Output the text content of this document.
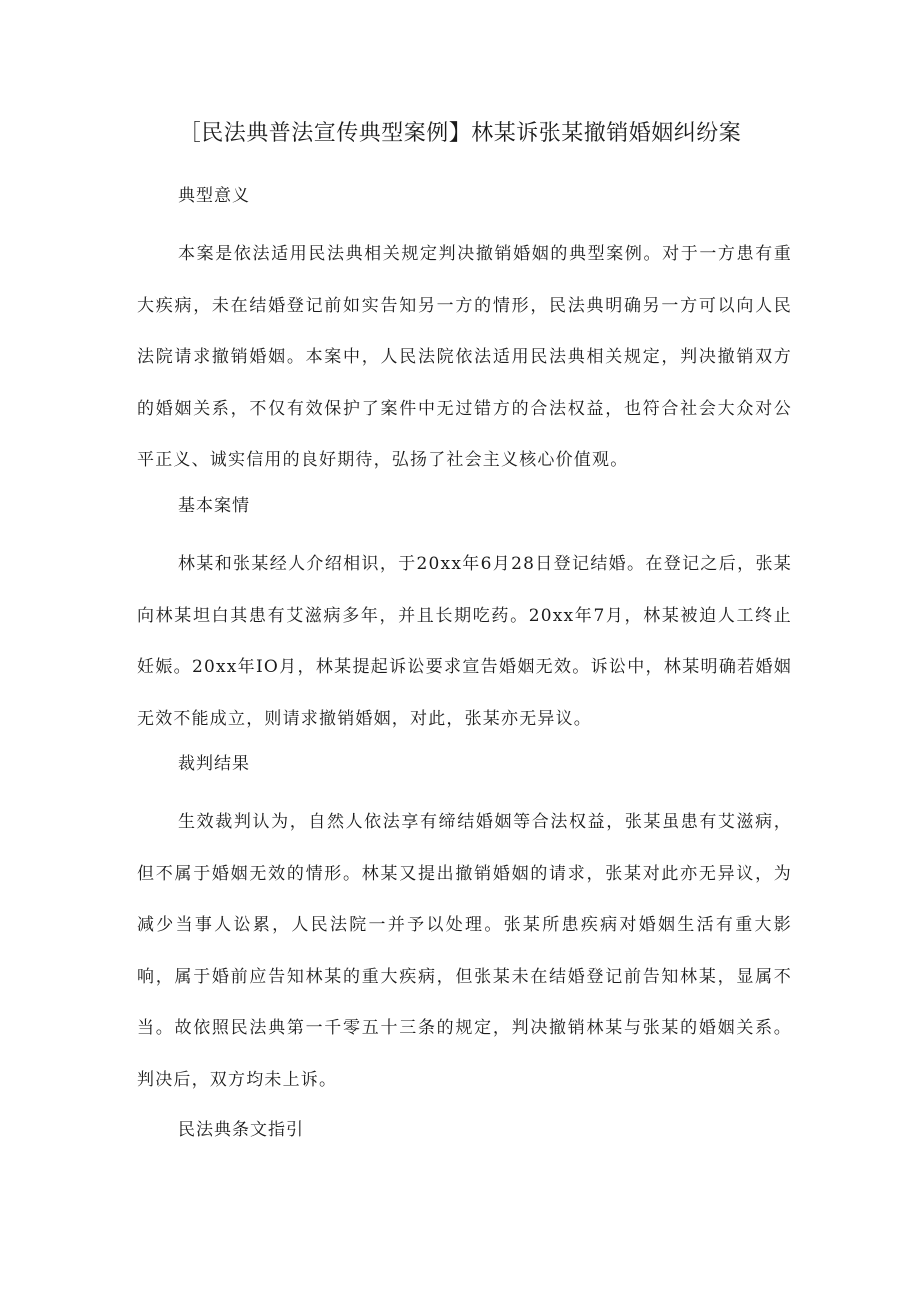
［民法典普法宣传典型案例】林某诉张某撤销婚姻纠纷案

典型意义

本案是依法适用民法典相关规定判决撤销婚姻的典型案例。对于一方患有重大疾病，未在结婚登记前如实告知另一方的情形，民法典明确另一方可以向人民法院请求撤销婚姻。本案中，人民法院依法适用民法典相关规定，判决撤销双方的婚姻关系，不仅有效保护了案件中无过错方的合法权益，也符合社会大众对公平正义、诚实信用的良好期待，弘扬了社会主义核心价值观。

基本案情

林某和张某经人介绍相识，于20xx年6月28日登记结婚。在登记之后，张某向林某坦白其患有艾滋病多年，并且长期吃药。20xx年7月，林某被迫人工终止妊娠。20xx年IO月，林某提起诉讼要求宣告婚姻无效。诉讼中，林某明确若婚姻无效不能成立，则请求撤销婚姻，对此，张某亦无异议。

裁判结果

生效裁判认为，自然人依法享有缔结婚姻等合法权益，张某虽患有艾滋病，但不属于婚姻无效的情形。林某又提出撤销婚姻的请求，张某对此亦无异议，为减少当事人讼累，人民法院一并予以处理。张某所患疾病对婚姻生活有重大影响，属于婚前应告知林某的重大疾病，但张某未在结婚登记前告知林某，显属不当。故依照民法典第一千零五十三条的规定，判决撤销林某与张某的婚姻关系。判决后，双方均未上诉。

民法典条文指引
